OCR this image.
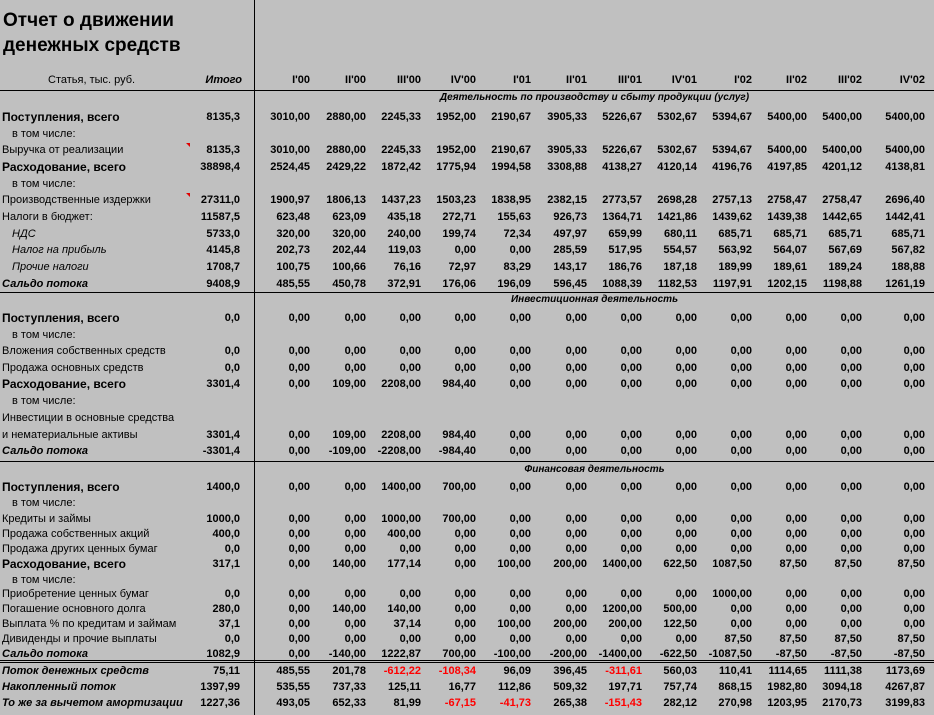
Отчет о движении
денежных средств
Статья, тыс. руб.	Итого	I'00	II'00	III'00	IV'00	I'01	II'01	III'01	IV'01	I'02	II'02	III'02	IV'02
Деятельность по производству и сбыту продукции (услуг)
Инвестиционная деятельность
Финансовая деятельность
Поступления, всего	8135,3	3010,00	2880,00	2245,33	1952,00	2190,67	3905,33	5226,67	5302,67	5394,67	5400,00	5400,00	5400,00
в том числе:
Выручка от реализации	8135,3	3010,00	2880,00	2245,33	1952,00	2190,67	3905,33	5226,67	5302,67	5394,67	5400,00	5400,00	5400,00
Расходование, всего	38898,4	2524,45	2429,22	1872,42	1775,94	1994,58	3308,88	4138,27	4120,14	4196,76	4197,85	4201,12	4138,81
в том числе:
Производственные издержки	27311,0	1900,97	1806,13	1437,23	1503,23	1838,95	2382,15	2773,57	2698,28	2757,13	2758,47	2758,47	2696,40
Налоги в бюджет:	11587,5	623,48	623,09	435,18	272,71	155,63	926,73	1364,71	1421,86	1439,62	1439,38	1442,65	1442,41
НДС	5733,0	320,00	320,00	240,00	199,74	72,34	497,97	659,99	680,11	685,71	685,71	685,71	685,71
Налог на прибыль	4145,8	202,73	202,44	119,03	0,00	0,00	285,59	517,95	554,57	563,92	564,07	567,69	567,82
Прочие налоги	1708,7	100,75	100,66	76,16	72,97	83,29	143,17	186,76	187,18	189,99	189,61	189,24	188,88
Сальдо потока	9408,9	485,55	450,78	372,91	176,06	196,09	596,45	1088,39	1182,53	1197,91	1202,15	1198,88	1261,19
Поступления, всего	0,0	0,00	0,00	0,00	0,00	0,00	0,00	0,00	0,00	0,00	0,00	0,00	0,00
в том числе:
Вложения собственных средств	0,0	0,00	0,00	0,00	0,00	0,00	0,00	0,00	0,00	0,00	0,00	0,00	0,00
Продажа основных средств	0,0	0,00	0,00	0,00	0,00	0,00	0,00	0,00	0,00	0,00	0,00	0,00	0,00
Расходование, всего	3301,4	0,00	109,00	2208,00	984,40	0,00	0,00	0,00	0,00	0,00	0,00	0,00	0,00
в том числе:
Инвестиции в основные средства
и нематериальные активы	3301,4	0,00	109,00	2208,00	984,40	0,00	0,00	0,00	0,00	0,00	0,00	0,00	0,00
Сальдо потока	-3301,4	0,00	-109,00	-2208,00	-984,40	0,00	0,00	0,00	0,00	0,00	0,00	0,00	0,00
Поступления, всего	1400,0	0,00	0,00	1400,00	700,00	0,00	0,00	0,00	0,00	0,00	0,00	0,00	0,00
в том числе:
Кредиты и займы	1000,0	0,00	0,00	1000,00	700,00	0,00	0,00	0,00	0,00	0,00	0,00	0,00	0,00
Продажа собственных акций	400,0	0,00	0,00	400,00	0,00	0,00	0,00	0,00	0,00	0,00	0,00	0,00	0,00
Продажа других ценных бумаг	0,0	0,00	0,00	0,00	0,00	0,00	0,00	0,00	0,00	0,00	0,00	0,00	0,00
Расходование, всего	317,1	0,00	140,00	177,14	0,00	100,00	200,00	1400,00	622,50	1087,50	87,50	87,50	87,50
в том числе:
Приобретение ценных бумаг	0,0	0,00	0,00	0,00	0,00	0,00	0,00	0,00	0,00	1000,00	0,00	0,00	0,00
Погашение основного долга	280,0	0,00	140,00	140,00	0,00	0,00	0,00	1200,00	500,00	0,00	0,00	0,00	0,00
Выплата % по кредитам и займам	37,1	0,00	0,00	37,14	0,00	100,00	200,00	200,00	122,50	0,00	0,00	0,00	0,00
Дивиденды и прочие выплаты	0,0	0,00	0,00	0,00	0,00	0,00	0,00	0,00	0,00	87,50	87,50	87,50	87,50
Сальдо потока	1082,9	0,00	-140,00	1222,87	700,00	-100,00	-200,00	-1400,00	-622,50	-1087,50	-87,50	-87,50	-87,50
Поток денежных средств	75,11	485,55	201,78	-612,22	-108,34	96,09	396,45	-311,61	560,03	110,41	1114,65	1111,38	1173,69
Накопленный поток	1397,99	535,55	737,33	125,11	16,77	112,86	509,32	197,71	757,74	868,15	1982,80	3094,18	4267,87
То же за вычетом амортизации	1227,36	493,05	652,33	81,99	-67,15	-41,73	265,38	-151,43	282,12	270,98	1203,95	2170,73	3199,83
